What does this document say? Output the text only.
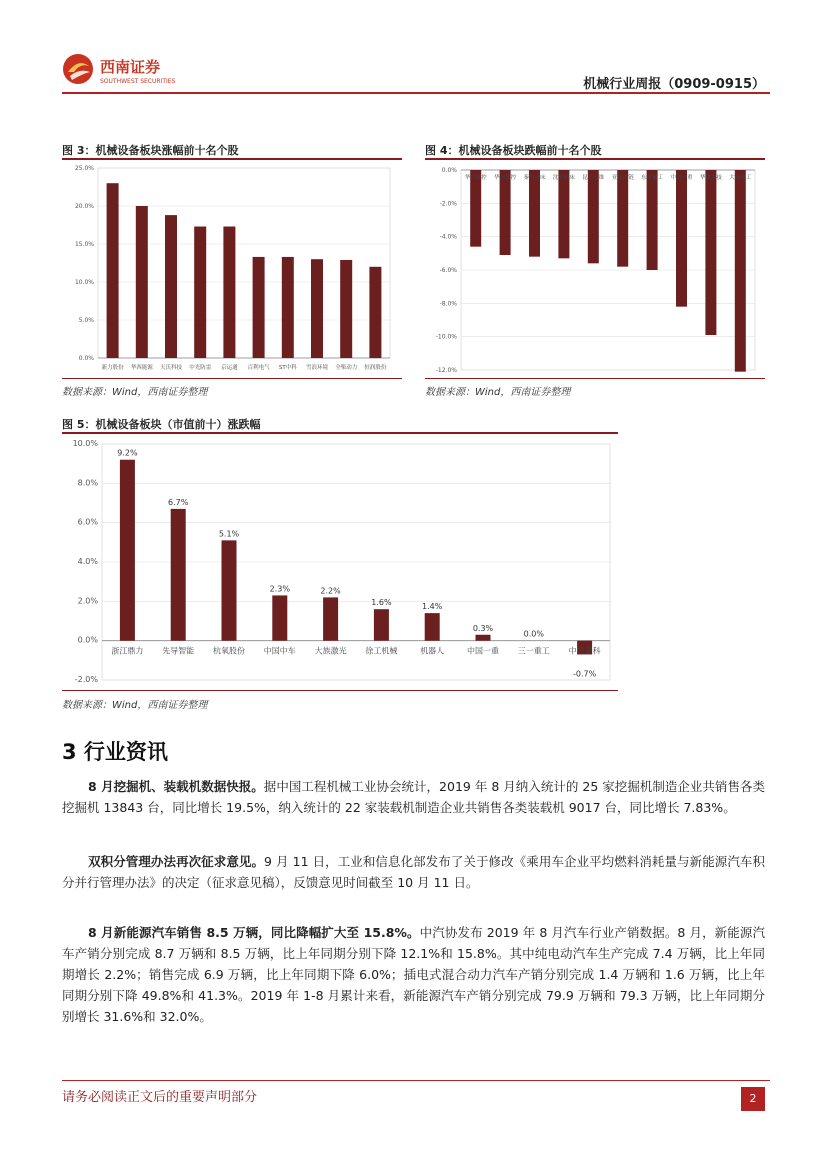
西南证券
SOUTHWEST SECURITIES	机械行业周报（0909-0915）
图 3：机械设备板块涨幅前十名个股
0.0%
5.0%
10.0%
15.0%
20.0%
25.0%
新力股份 华西能源 天沃科技 中光防雷 京运通 百利电气 ST中科 雪浪环境 全柴动力 恒润股份
数据来源：Wind，西南证券整理
图 4：机械设备板块跌幅前十名个股
0.0%
-2.0%
-4.0%
-6.0%
-8.0%
-10.0%
-12.0%
华中数控 华东数控 秦川机床 沈阳机床 昆仑万维 亚星锚链 东方精工 中国一重 华铁科技 大连重工
数据来源：Wind，西南证券整理
图 5：机械设备板块（市值前十）涨跌幅
-2.0%
0.0%
2.0%
4.0%
6.0%
8.0%
10.0%
浙江鼎力
9.2%
先导智能
6.7%
杭氧股份
5.1%
中国中车
2.3%
大族激光
2.2%
徐工机械
1.6%
机器人
1.4%
中国一重
0.3%
三一重工
0.0%
中联重科
-0.7%
数据来源：Wind，西南证券整理
3 行业资讯
8 月挖掘机、装载机数据快报。据中国工程机械工业协会统计，2019 年 8 月纳入统计的 25 家挖掘机制造企业共销售各类挖掘机 13843 台，同比增长 19.5%，纳入统计的 22 家装载机制造企业共销售各类装载机 9017 台，同比增长 7.83%。
双积分管理办法再次征求意见。9 月 11 日，工业和信息化部发布了关于修改《乘用车企业平均燃料消耗量与新能源汽车积分并行管理办法》的决定（征求意见稿），反馈意见时间截至 10 月 11 日。
8 月新能源汽车销售 8.5 万辆，同比降幅扩大至 15.8%。中汽协发布 2019 年 8 月汽车行业产销数据。8 月，新能源汽车产销分别完成 8.7 万辆和 8.5 万辆，比上年同期分别下降 12.1%和 15.8%。其中纯电动汽车生产完成 7.4 万辆，比上年同期增长 2.2%；销售完成 6.9 万辆，比上年同期下降 6.0%；插电式混合动力汽车产销分别完成 1.4 万辆和 1.6 万辆，比上年同期分别下降 49.8%和 41.3%。2019 年 1-8 月累计来看，新能源汽车产销分别完成 79.9 万辆和 79.3 万辆，比上年同期分别增长 31.6%和 32.0%。
请务必阅读正文后的重要声明部分	2
